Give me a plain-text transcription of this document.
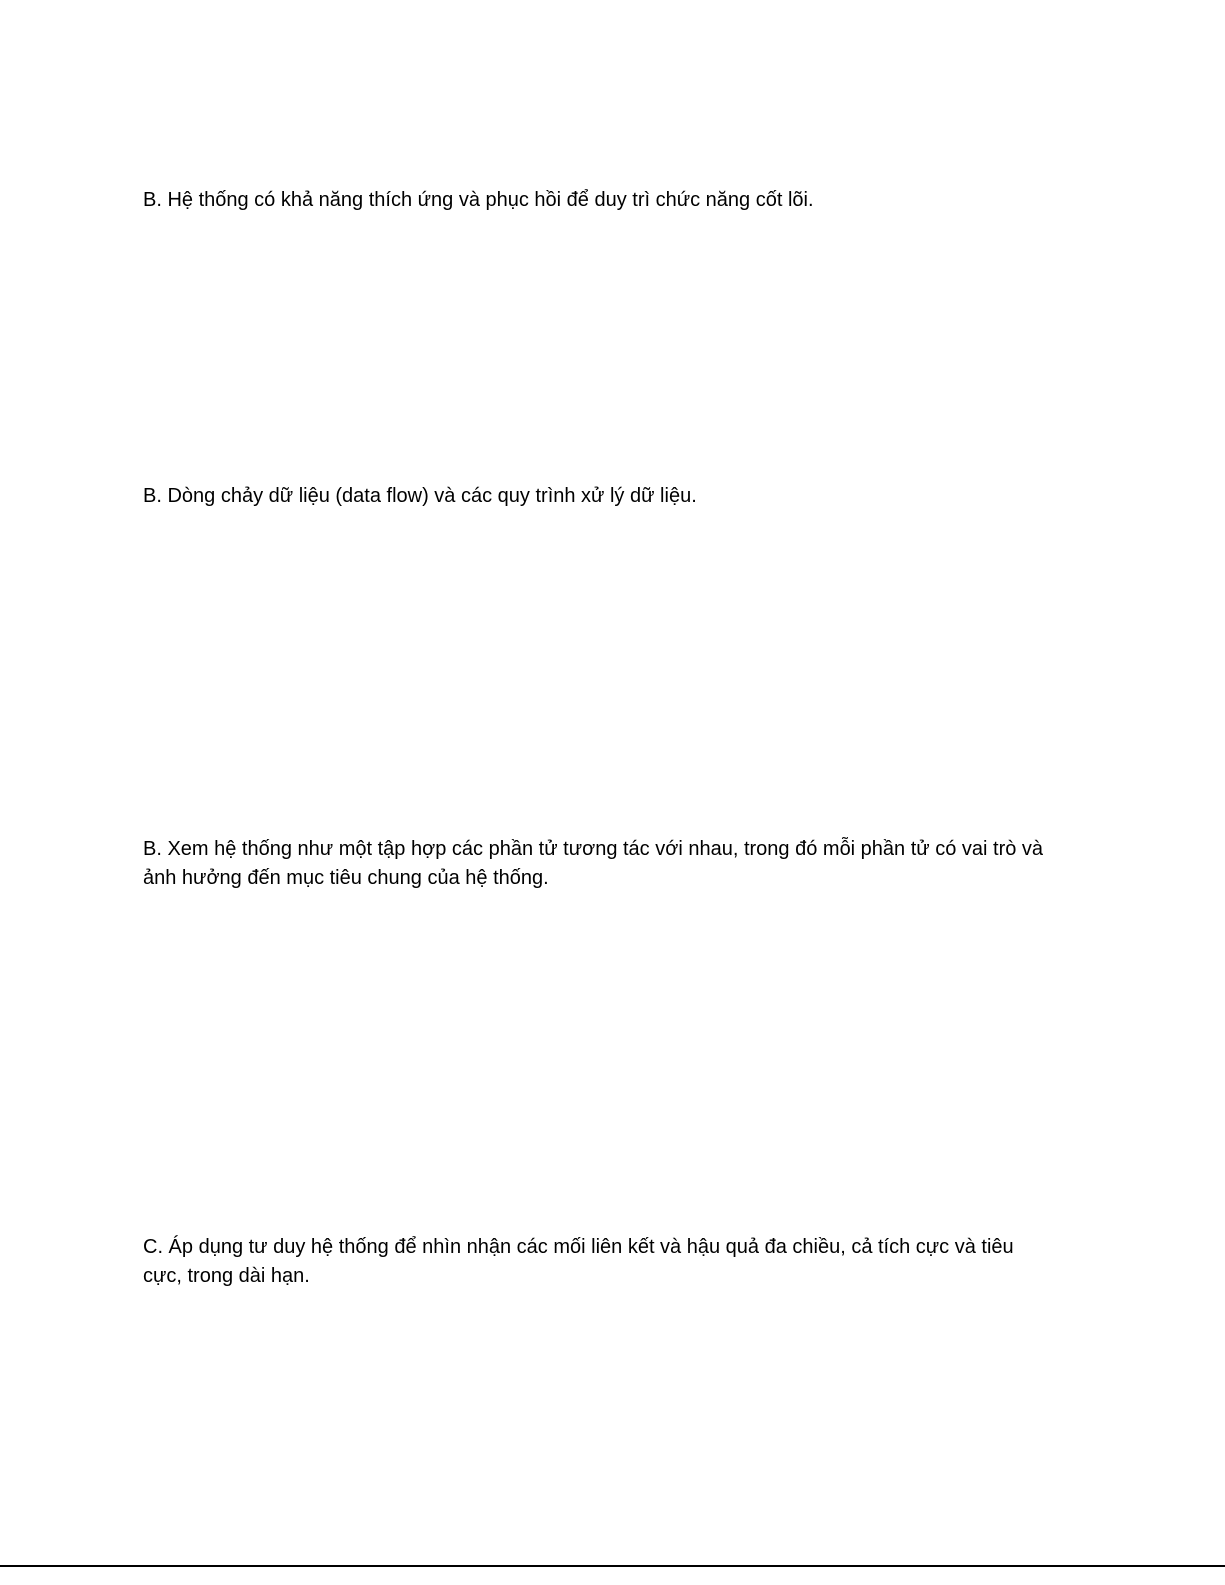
B. Hệ thống có khả năng thích ứng và phục hồi để duy trì chức năng cốt lõi.

B. Dòng chảy dữ liệu (data flow) và các quy trình xử lý dữ liệu.

B. Xem hệ thống như một tập hợp các phần tử tương tác với nhau, trong đó mỗi phần tử có vai trò và ảnh hưởng đến mục tiêu chung của hệ thống.

C. Áp dụng tư duy hệ thống để nhìn nhận các mối liên kết và hậu quả đa chiều, cả tích cực và tiêu cực, trong dài hạn.
